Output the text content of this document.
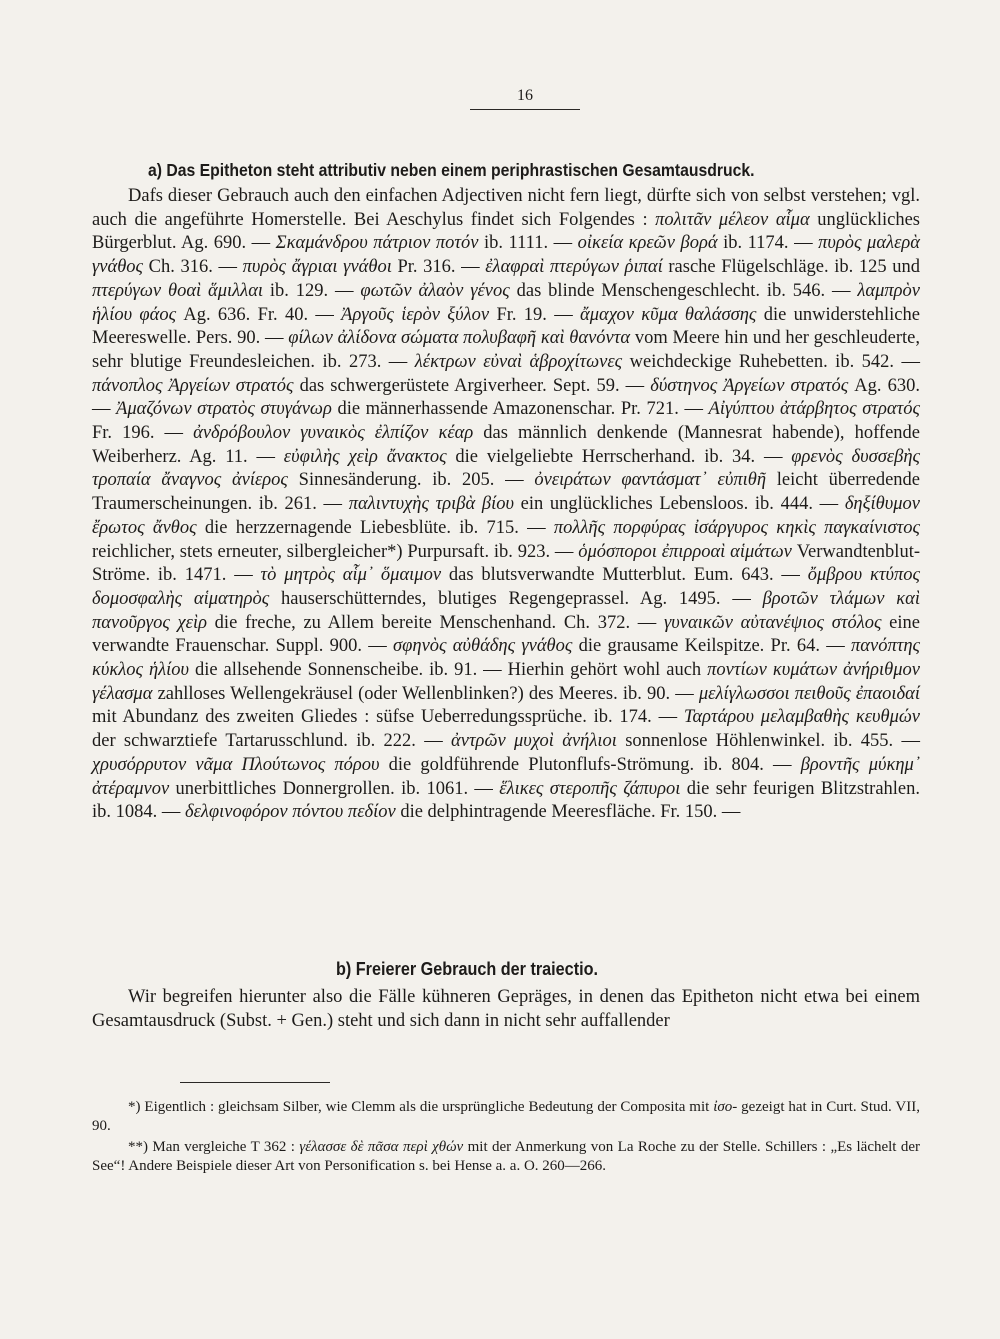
16
a) Das Epitheton steht attributiv neben einem periphrastischen Gesamtausdruck.

Dafs dieser Gebrauch auch den einfachen Adjectiven nicht fern liegt, dürfte sich von selbst verstehen; vgl. auch die angeführte Homerstelle. Bei Aeschylus findet sich Folgendes : πολιτᾶν μέλεον αἷμα unglückliches Bürgerblut. Ag. 690. — Σκαμάνδρου πάτριον ποτόν ib. 1111. — οἰκεία κρεῶν βορά ib. 1174. — πυρὸς μαλερὰ γνάθος Ch. 316. — πυρὸς ἄγριαι γνάθοι Pr. 316. — ἐλαφραὶ πτερύγων ῥιπαί rasche Flügelschläge. ib. 125 und πτερύγων θοαὶ ἅμιλλαι ib. 129. — φωτῶν ἀλαὸν γένος das blinde Menschengeschlecht. ib. 546. — λαμπρὸν ἡλίου φάος Ag. 636. Fr. 40. — Ἀργοῦς ἱερὸν ξύλον Fr. 19. — ἄμαχον κῦμα θαλάσσης die unwiderstehliche Meereswelle. Pers. 90. — φίλων ἀλίδονα σώματα πολυβαφῆ καὶ θανόντα vom Meere hin und her geschleuderte, sehr blutige Freundesleichen. ib. 273. — λέκτρων εὐναὶ ἁβροχίτωνες weichdeckige Ruhebetten. ib. 542. — πάνοπλος Ἀργείων στρατός das schwergerüstete Argiverheer. Sept. 59. — δύστηνος Ἀργείων στρατός Ag. 630. — Ἀμαζόνων στρατὸς στυγάνωρ die männerhassende Amazonenschar. Pr. 721. — Αἰγύπτου ἀτάρβητος στρατός Fr. 196. — ἀνδρόβουλον γυναικὸς ἐλπίζον κέαρ das männlich denkende (Mannesrat habende), hoffende Weiberherz. Ag. 11. — εὐφιλὴς χεὶρ ἄνακτος die vielgeliebte Herrscherhand. ib. 34. — φρενὸς δυσσεβὴς τροπαία ἄναγνος ἀνίερος Sinnesänderung. ib. 205. — ὀνειράτων φαντάσματ᾽ εὐπιθῆ leicht überredende Traumerscheinungen. ib. 261. — παλιντυχὴς τριβὰ βίου ein unglückliches Lebensloos. ib. 444. — δηξίθυμον ἔρωτος ἄνθος die herzzernagende Liebesblüte. ib. 715. — πολλῆς πορφύρας ἰσάργυρος κηκὶς παγκαίνιστος reichlicher, stets erneuter, silbergleicher*) Purpursaft. ib. 923. — ὁμόσποροι ἐπιρροαὶ αἱμάτων Verwandtenblut-Ströme. ib. 1471. — τὸ μητρὸς αἷμ᾽ ὅμαιμον das blutsverwandte Mutterblut. Eum. 643. — ὄμβρου κτύπος δομοσφαλὴς αἱματηρὸς hauserschütterndes, blutiges Regengeprassel. Ag. 1495. — βροτῶν τλάμων καὶ πανοῦργος χεὶρ die freche, zu Allem bereite Menschenhand. Ch. 372. — γυναικῶν αὐτανέψιος στόλος eine verwandte Frauenschar. Suppl. 900. — σφηνὸς αὐθάδης γνάθος die grausame Keilspitze. Pr. 64. — πανόπτης κύκλος ἡλίου die allsehende Sonnenscheibe. ib. 91. — Hierhin gehört wohl auch ποντίων κυμάτων ἀνήριθμον γέλασμα zahlloses Wellengekräusel (oder Wellenblinken?) des Meeres. ib. 90. — μελίγλωσσοι πειθοῦς ἐπαοιδαί mit Abundanz des zweiten Gliedes : süfse Ueberredungssprüche. ib. 174. — Ταρτάρου μελαμβαθὴς κευθμών der schwarztiefe Tartarusschlund. ib. 222. — ἀντρῶν μυχοὶ ἀνήλιοι sonnenlose Höhlenwinkel. ib. 455. — χρυσόρρυτον νᾶμα Πλούτωνος πόρου die goldführende Plutonflufs-Strömung. ib. 804. — βροντῆς μύκημ᾽ ἀτέραμνον unerbittliches Donnergrollen. ib. 1061. — ἕλικες στεροπῆς ζάπυροι die sehr feurigen Blitzstrahlen. ib. 1084. — δελφινοφόρον πόντου πεδίον die delphintragende Meeresfläche. Fr. 150. —

b) Freierer Gebrauch der traiectio.

Wir begreifen hierunter also die Fälle kühneren Gepräges, in denen das Epitheton nicht etwa bei einem Gesamtausdruck (Subst. + Gen.) steht und sich dann in nicht sehr auffallender

*) Eigentlich : gleichsam Silber, wie Clemm als die ursprüngliche Bedeutung der Composita mit ἰσο- gezeigt hat in Curt. Stud. VII, 90.

**) Man vergleiche T 362 : γέλασσε δὲ πᾶσα περὶ χθών mit der Anmerkung von La Roche zu der Stelle. Schillers : „Es lächelt der See“! Andere Beispiele dieser Art von Personification s. bei Hense a. a. O. 260—266.
